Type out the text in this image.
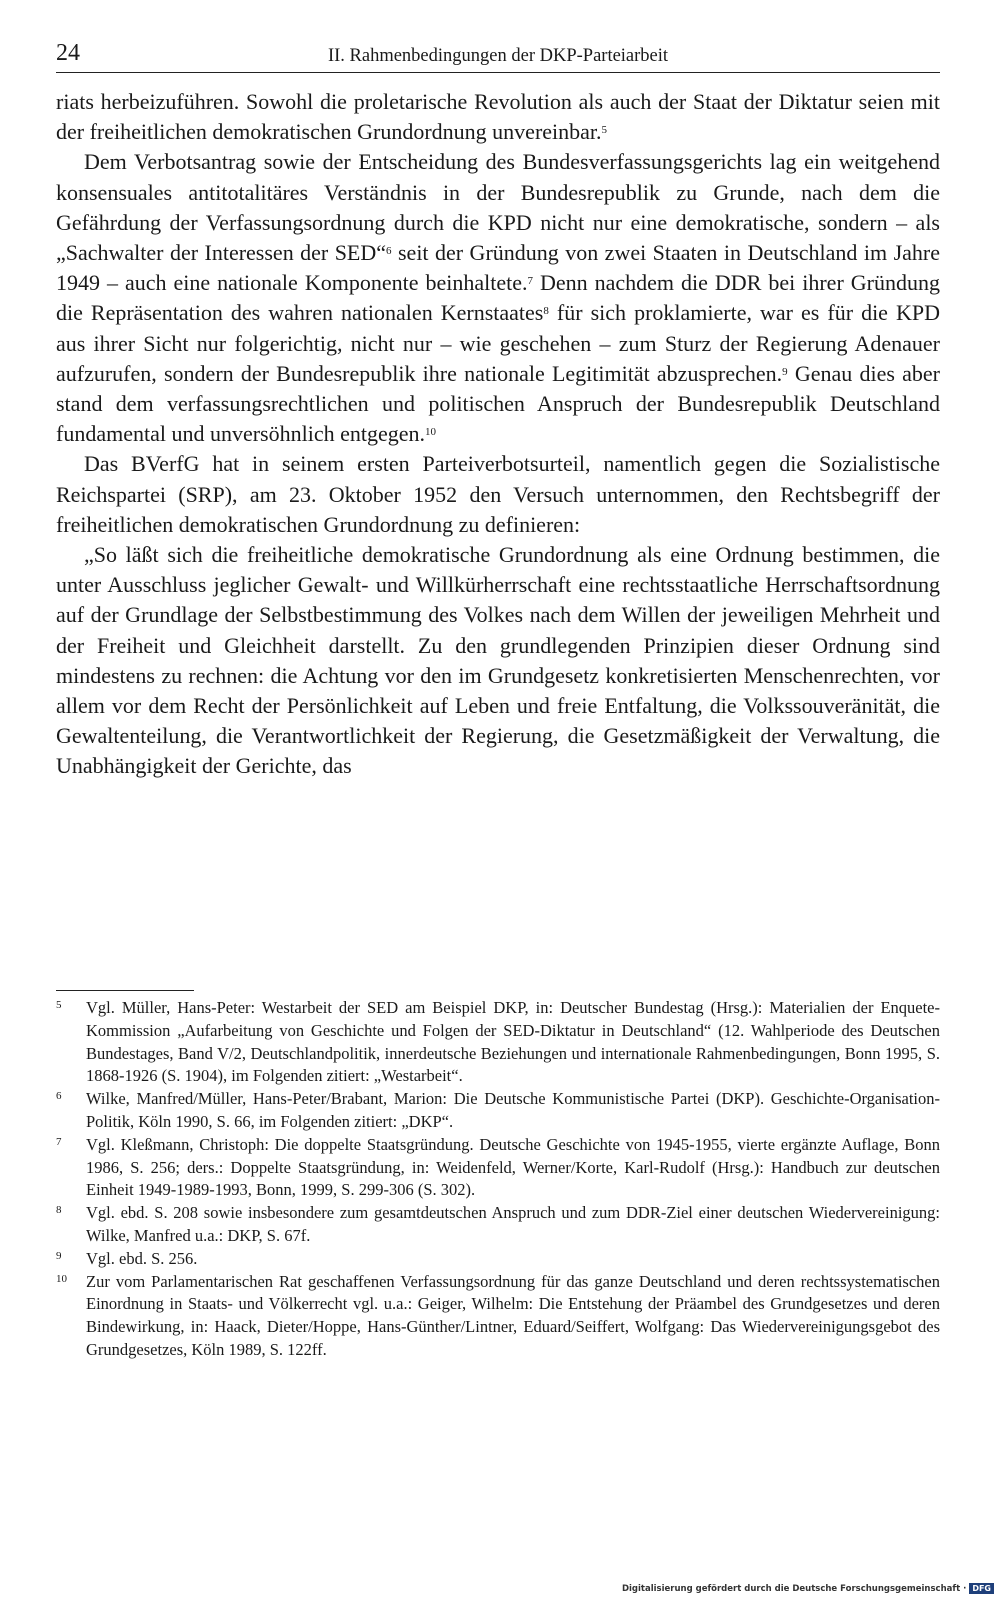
24	II. Rahmenbedingungen der DKP-Parteiarbeit

riats herbeizuführen. Sowohl die proletarische Revolution als auch der Staat der Diktatur seien mit der freiheitlichen demokratischen Grundordnung unvereinbar.$^5$

Dem Verbotsantrag sowie der Entscheidung des Bundesverfassungsgerichts lag ein weitgehend konsensuales antitotalitäres Verständnis in der Bundesrepublik zu Grunde, nach dem die Gefährdung der Verfassungsordnung durch die KPD nicht nur eine demokratische, sondern – als „Sachwalter der Interessen der SED“$^6$ seit der Gründung von zwei Staaten in Deutschland im Jahre 1949 – auch eine nationale Komponente beinhaltete.$^7$ Denn nachdem die DDR bei ihrer Gründung die Repräsentation des wahren nationalen Kernstaates$^8$ für sich proklamierte, war es für die KPD aus ihrer Sicht nur folgerichtig, nicht nur – wie geschehen – zum Sturz der Regierung Adenauer aufzurufen, sondern der Bundesrepublik ihre nationale Legitimität abzusprechen.$^9$ Genau dies aber stand dem verfassungsrechtlichen und politischen Anspruch der Bundesrepublik Deutschland fundamental und unversöhnlich entgegen.$^{10}$

Das BVerfG hat in seinem ersten Parteiverbotsurteil, namentlich gegen die Sozialistische Reichspartei (SRP), am 23. Oktober 1952 den Versuch unternommen, den Rechtsbegriff der freiheitlichen demokratischen Grundordnung zu definieren:

„So läßt sich die freiheitliche demokratische Grundordnung als eine Ordnung bestimmen, die unter Ausschluss jeglicher Gewalt- und Willkürherrschaft eine rechtsstaatliche Herrschaftsordnung auf der Grundlage der Selbstbestimmung des Volkes nach dem Willen der jeweiligen Mehrheit und der Freiheit und Gleichheit darstellt. Zu den grundlegenden Prinzipien dieser Ordnung sind mindestens zu rechnen: die Achtung vor den im Grundgesetz konkretisierten Menschenrechten, vor allem vor dem Recht der Persönlichkeit auf Leben und freie Entfaltung, die Volkssouveränität, die Gewaltenteilung, die Verantwortlichkeit der Regierung, die Gesetzmäßigkeit der Verwaltung, die Unabhängigkeit der Gerichte, das

5 Vgl. Müller, Hans-Peter: Westarbeit der SED am Beispiel DKP, in: Deutscher Bundestag (Hrsg.): Materialien der Enquete-Kommission „Aufarbeitung von Geschichte und Folgen der SED-Diktatur in Deutschland“ (12. Wahlperiode des Deutschen Bundestages, Band V/2, Deutschlandpolitik, innerdeutsche Beziehungen und internationale Rahmenbedingungen, Bonn 1995, S. 1868-1926 (S. 1904), im Folgenden zitiert: „Westarbeit“.
6 Wilke, Manfred/Müller, Hans-Peter/Brabant, Marion: Die Deutsche Kommunistische Partei (DKP). Geschichte-Organisation-Politik, Köln 1990, S. 66, im Folgenden zitiert: „DKP“.
7 Vgl. Kleßmann, Christoph: Die doppelte Staatsgründung. Deutsche Geschichte von 1945-1955, vierte ergänzte Auflage, Bonn 1986, S. 256; ders.: Doppelte Staatsgründung, in: Weidenfeld, Werner/Korte, Karl-Rudolf (Hrsg.): Handbuch zur deutschen Einheit 1949-1989-1993, Bonn, 1999, S. 299-306 (S. 302).
8 Vgl. ebd. S. 208 sowie insbesondere zum gesamtdeutschen Anspruch und zum DDR-Ziel einer deutschen Wiedervereinigung: Wilke, Manfred u.a.: DKP, S. 67f.
9 Vgl. ebd. S. 256.
10 Zur vom Parlamentarischen Rat geschaffenen Verfassungsordnung für das ganze Deutschland und deren rechtssystematischen Einordnung in Staats- und Völkerrecht vgl. u.a.: Geiger, Wilhelm: Die Entstehung der Präambel des Grundgesetzes und deren Bindewirkung, in: Haack, Dieter/Hoppe, Hans-Günther/Lintner, Eduard/Seiffert, Wolfgang: Das Wiedervereinigungsgebot des Grundgesetzes, Köln 1989, S. 122ff.
Digitalisierung gefördert durch die Deutsche Forschungsgemeinschaft · DFG
